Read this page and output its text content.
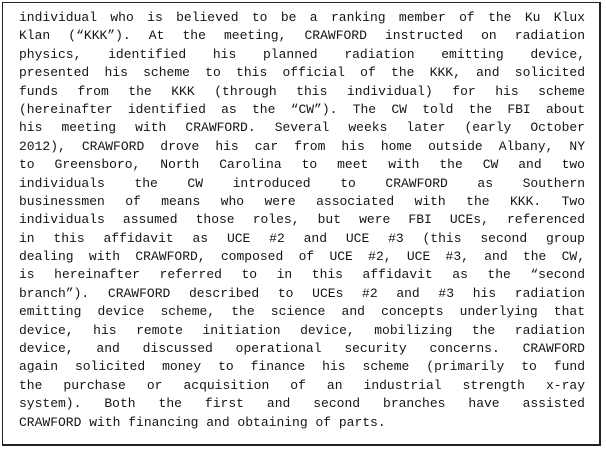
individual who is believed to be a ranking member of the Ku Klux
Klan (“KKK”). At the meeting, CRAWFORD instructed on radiation
physics, identified his planned radiation emitting device,
presented his scheme to this official of the KKK, and solicited
funds from the KKK (through this individual) for his scheme
(hereinafter identified as the “CW”). The CW told the FBI about
his meeting with CRAWFORD. Several weeks later (early October
2012), CRAWFORD drove his car from his home outside Albany, NY
to Greensboro, North Carolina to meet with the CW and two
individuals the CW introduced to CRAWFORD as Southern
businessmen of means who were associated with the KKK. Two
individuals assumed those roles, but were FBI UCEs, referenced
in this affidavit as UCE #2 and UCE #3 (this second group
dealing with CRAWFORD, composed of UCE #2, UCE #3, and the CW,
is hereinafter referred to in this affidavit as the “second
branch”). CRAWFORD described to UCEs #2 and #3 his radiation
emitting device scheme, the science and concepts underlying that
device, his remote initiation device, mobilizing the radiation
device, and discussed operational security concerns. CRAWFORD
again solicited money to finance his scheme (primarily to fund
the purchase or acquisition of an industrial strength x-ray
system). Both the first and second branches have assisted
CRAWFORD with financing and obtaining of parts.
